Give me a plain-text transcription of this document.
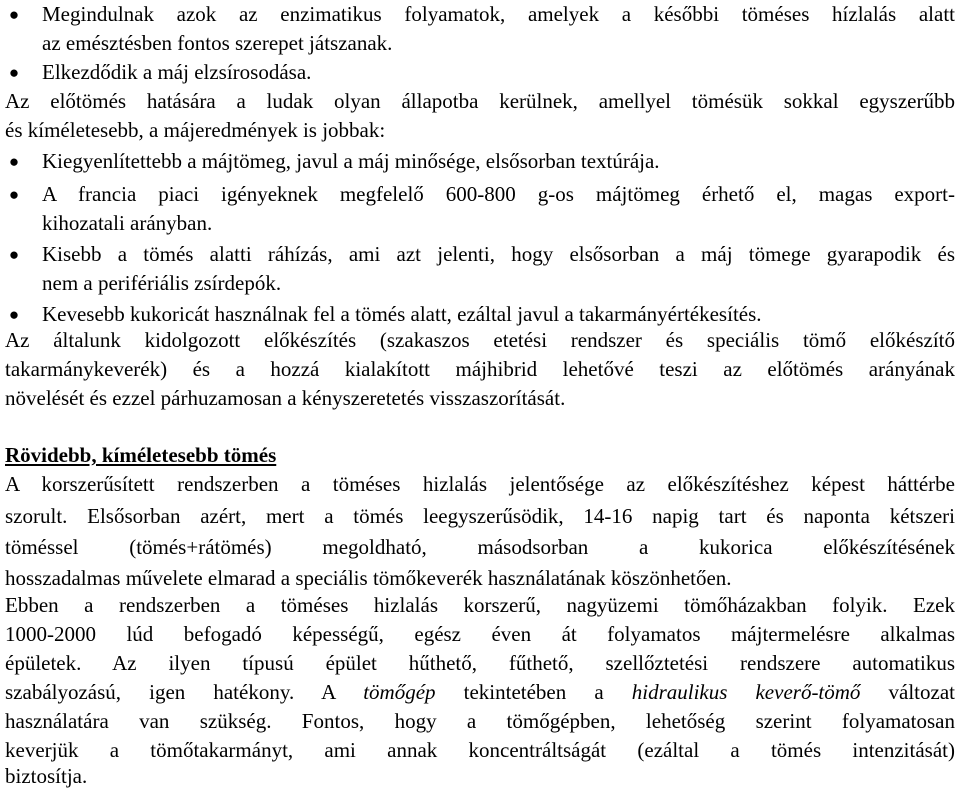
● Megindulnak azok az enzimatikus folyamatok, amelyek a későbbi töméses hízlalás alatt
az emésztésben fontos szerepet játszanak.
● Elkezdődik a máj elzsírosodása.
Az előtömés hatására a ludak olyan állapotba kerülnek, amellyel tömésük sokkal egyszerűbb
és kíméletesebb, a májeredmények is jobbak:
● Kiegyenlítettebb a májtömeg, javul a máj minősége, elsősorban textúrája.
● A francia piaci igényeknek megfelelő 600-800 g-os májtömeg érhető el, magas export-
kihozatali arányban.
● Kisebb a tömés alatti ráhízás, ami azt jelenti, hogy elsősorban a máj tömege gyarapodik és
nem a perifériális zsírdepók.
● Kevesebb kukoricát használnak fel a tömés alatt, ezáltal javul a takarmányértékesítés.
Az általunk kidolgozott előkészítés (szakaszos etetési rendszer és speciális tömő előkészítő
takarmánykeverék) és a hozzá kialakított májhibrid lehetővé teszi az előtömés arányának
növelését és ezzel párhuzamosan a kényszeretetés visszaszorítását.
Rövidebb, kíméletesebb tömés
A korszerűsített rendszerben a töméses hizlalás jelentősége az előkészítéshez képest háttérbe
szorult. Elsősorban azért, mert a tömés leegyszerűsödik, 14-16 napig tart és naponta kétszeri
töméssel (tömés+rátömés) megoldható, másodsorban a kukorica előkészítésének
hosszadalmas művelete elmarad a speciális tömőkeverék használatának köszönhetően.
Ebben a rendszerben a töméses hizlalás korszerű, nagyüzemi tömőházakban folyik. Ezek
1000-2000 lúd befogadó képességű, egész éven át folyamatos májtermelésre alkalmas
épületek. Az ilyen típusú épület hűthető, fűthető, szellőztetési rendszere automatikus
szabályozású, igen hatékony. A tömőgép tekintetében a hidraulikus keverő-tömő változat
használatára van szükség. Fontos, hogy a tömőgépben, lehetőség szerint folyamatosan
keverjük a tömőtakarmányt, ami annak koncentráltságát (ezáltal a tömés intenzitását)
biztosítja.
